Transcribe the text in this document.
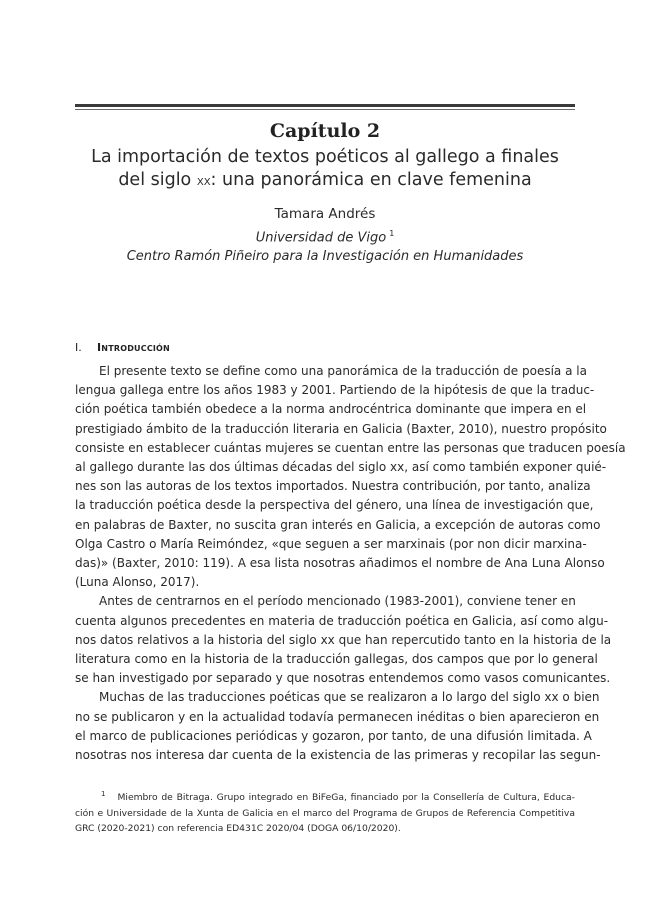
Capítulo 2
La importación de textos poéticos al gallego a finales
del siglo xx: una panorámica en clave femenina
Tamara Andrés
Universidad de Vigo $^1$
Centro Ramón Piñeiro para la Investigación en Humanidades
I. Introducción
El presente texto se define como una panorámica de la traducción de poesía a la
lengua gallega entre los años 1983 y 2001. Partiendo de la hipótesis de que la traduc-
ción poética también obedece a la norma androcéntrica dominante que impera en el
prestigiado ámbito de la traducción literaria en Galicia (Baxter, 2010), nuestro propósito
consiste en establecer cuántas mujeres se cuentan entre las personas que traducen poesía
al gallego durante las dos últimas décadas del siglo xx, así como también exponer quié-
nes son las autoras de los textos importados. Nuestra contribución, por tanto, analiza
la traducción poética desde la perspectiva del género, una línea de investigación que,
en palabras de Baxter, no suscita gran interés en Galicia, a excepción de autoras como
Olga Castro o María Reimóndez, «que seguen a ser marxinais (por non dicir marxina-
das)» (Baxter, 2010: 119). A esa lista nosotras añadimos el nombre de Ana Luna Alonso
(Luna Alonso, 2017).
Antes de centrarnos en el período mencionado (1983-2001), conviene tener en
cuenta algunos precedentes en materia de traducción poética en Galicia, así como algu-
nos datos relativos a la historia del siglo xx que han repercutido tanto en la historia de la
literatura como en la historia de la traducción gallegas, dos campos que por lo general
se han investigado por separado y que nosotras entendemos como vasos comunicantes.
Muchas de las traducciones poéticas que se realizaron a lo largo del siglo xx o bien
no se publicaron y en la actualidad todavía permanecen inéditas o bien aparecieron en
el marco de publicaciones periódicas y gozaron, por tanto, de una difusión limitada. A
nosotras nos interesa dar cuenta de la existencia de las primeras y recopilar las segun-
$^1$ Miembro de Bitraga. Grupo integrado en BiFeGa, financiado por la Consellería de Cultura, Educa-
ción e Universidade de la Xunta de Galicia en el marco del Programa de Grupos de Referencia Competitiva
GRC (2020-2021) con referencia ED431C 2020/04 (DOGA 06/10/2020).
